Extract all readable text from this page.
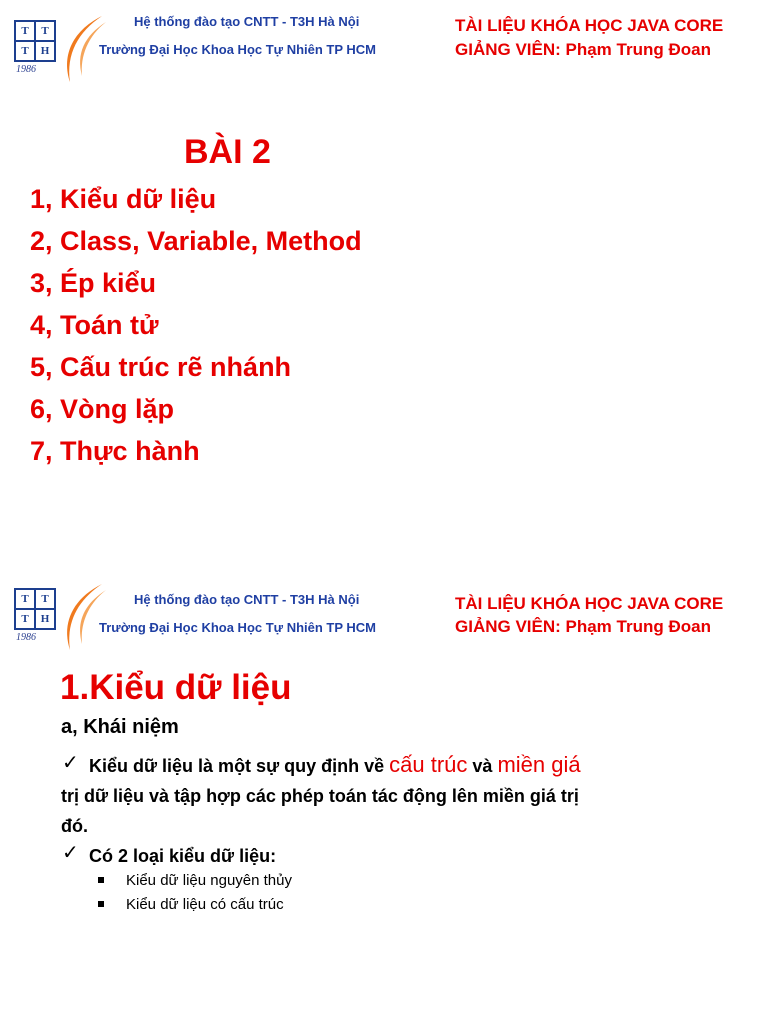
T	T
T	H
1986
Hệ thống đào tạo CNTT - T3H Hà Nội
Trường Đại Học Khoa Học Tự Nhiên TP HCM
TÀI LIỆU KHÓA HỌC JAVA CORE
GIẢNG VIÊN: Phạm Trung Đoan
BÀI 2
1, Kiểu dữ liệu
2, Class, Variable, Method
3, Ép kiểu
4, Toán tử
5, Cấu trúc rẽ nhánh
6, Vòng lặp
7, Thực hành
T	T
T	H
1986
Hệ thống đào tạo CNTT - T3H Hà Nội
Trường Đại Học Khoa Học Tự Nhiên TP HCM
TÀI LIỆU KHÓA HỌC JAVA CORE
GIẢNG VIÊN: Phạm Trung Đoan
1.Kiểu dữ liệu
a, Khái niệm
✓ Kiểu dữ liệu là một sự quy định về cấu trúc và miền giá
trị dữ liệu và tập hợp các phép toán tác động lên miền giá trị
đó.
✓ Có 2 loại kiểu dữ liệu:
Kiểu dữ liệu nguyên thủy
Kiểu dữ liệu có cấu trúc
